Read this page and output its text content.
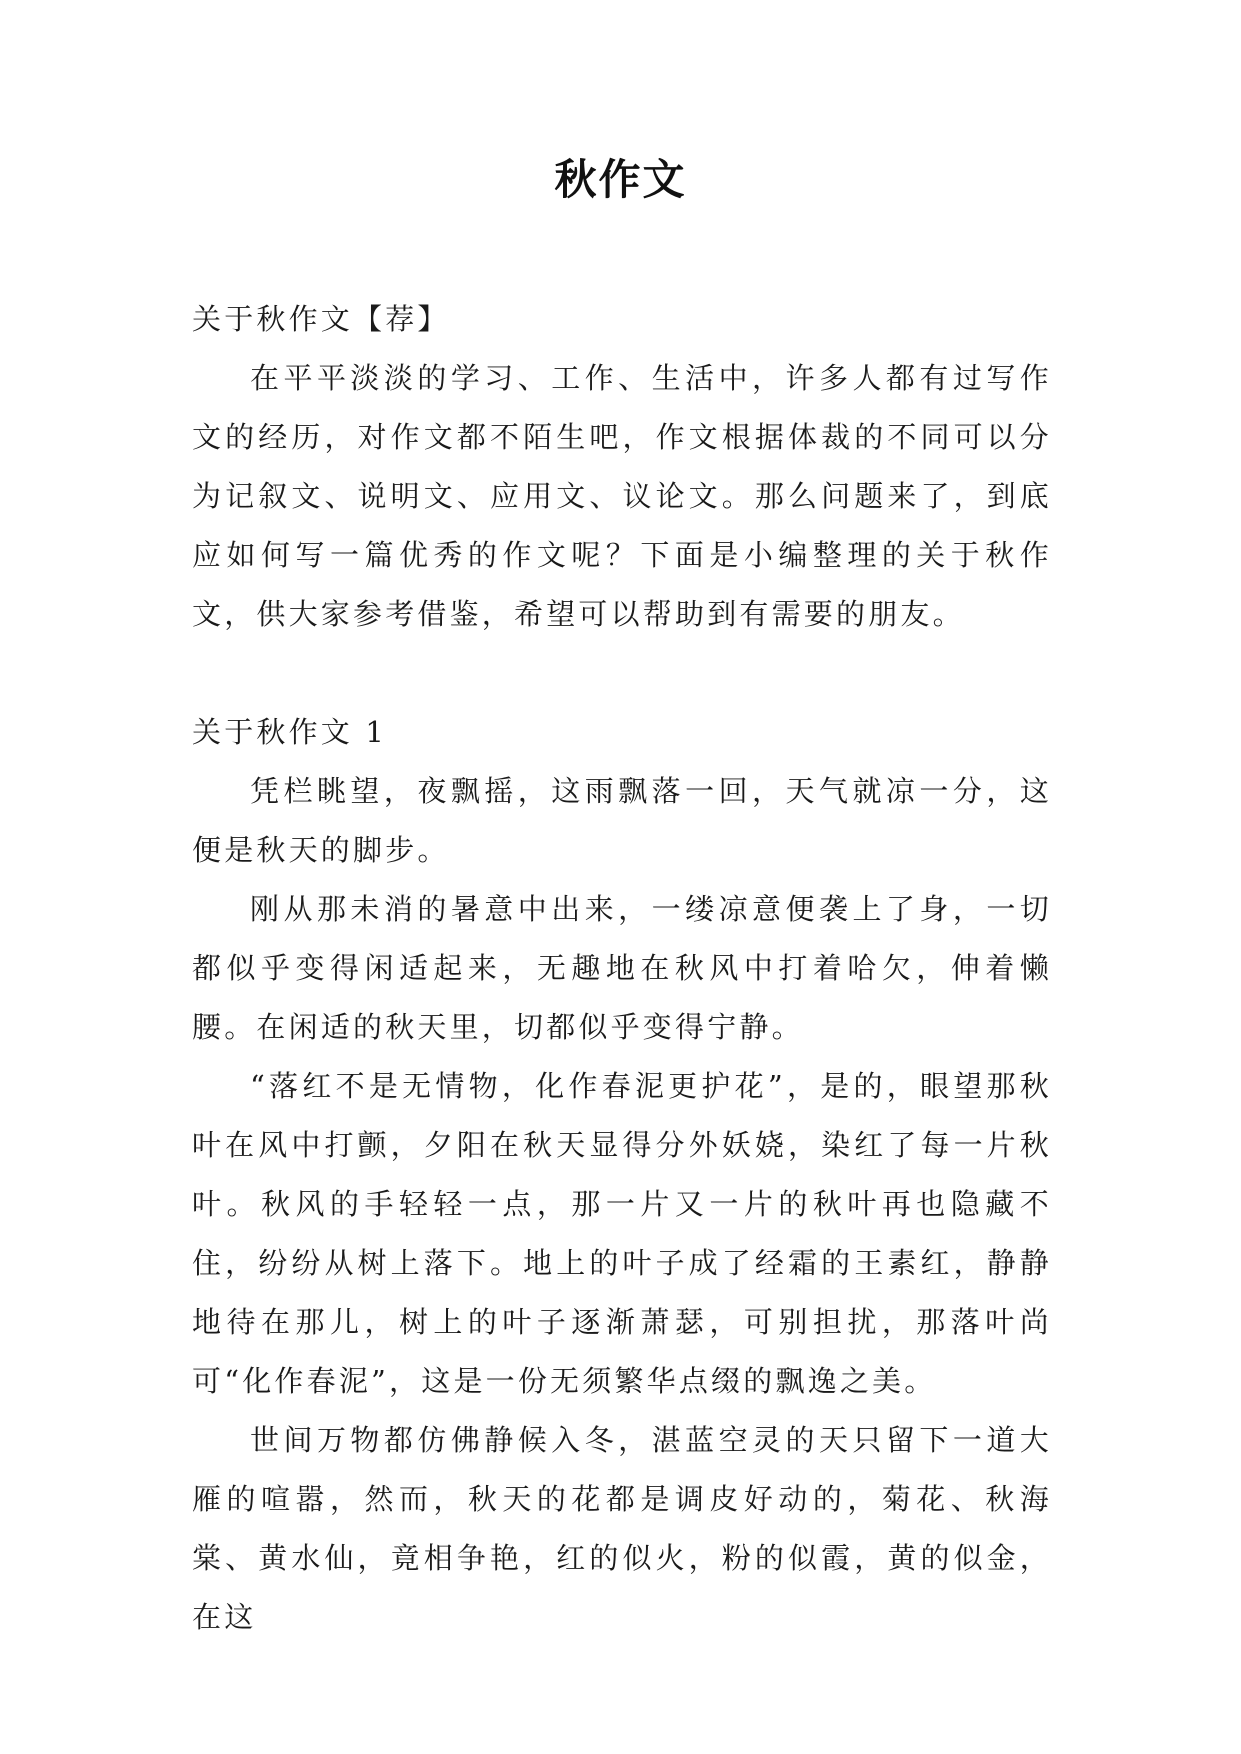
秋作文

关于秋作文【荐】

在平平淡淡的学习、工作、生活中，许多人都有过写作文的经历，对作文都不陌生吧，作文根据体裁的不同可以分为记叙文、说明文、应用文、议论文。那么问题来了，到底应如何写一篇优秀的作文呢？下面是小编整理的关于秋作文，供大家参考借鉴，希望可以帮助到有需要的朋友。

关于秋作文 1

凭栏眺望，夜飘摇，这雨飘落一回，天气就凉一分，这便是秋天的脚步。

刚从那未消的暑意中出来，一缕凉意便袭上了身，一切都似乎变得闲适起来，无趣地在秋风中打着哈欠，伸着懒腰。在闲适的秋天里，切都似乎变得宁静。

“落红不是无情物，化作春泥更护花”，是的，眼望那秋叶在风中打颤，夕阳在秋天显得分外妖娆，染红了每一片秋叶。秋风的手轻轻一点，那一片又一片的秋叶再也隐藏不住，纷纷从树上落下。地上的叶子成了经霜的王素红，静静地待在那儿，树上的叶子逐渐萧瑟，可别担扰，那落叶尚可“化作春泥”，这是一份无须繁华点缀的飘逸之美。

世间万物都仿佛静候入冬，湛蓝空灵的天只留下一道大雁的喧嚣，然而，秋天的花都是调皮好动的，菊花、秋海棠、黄水仙，竟相争艳，红的似火，粉的似霞，黄的似金，在这
